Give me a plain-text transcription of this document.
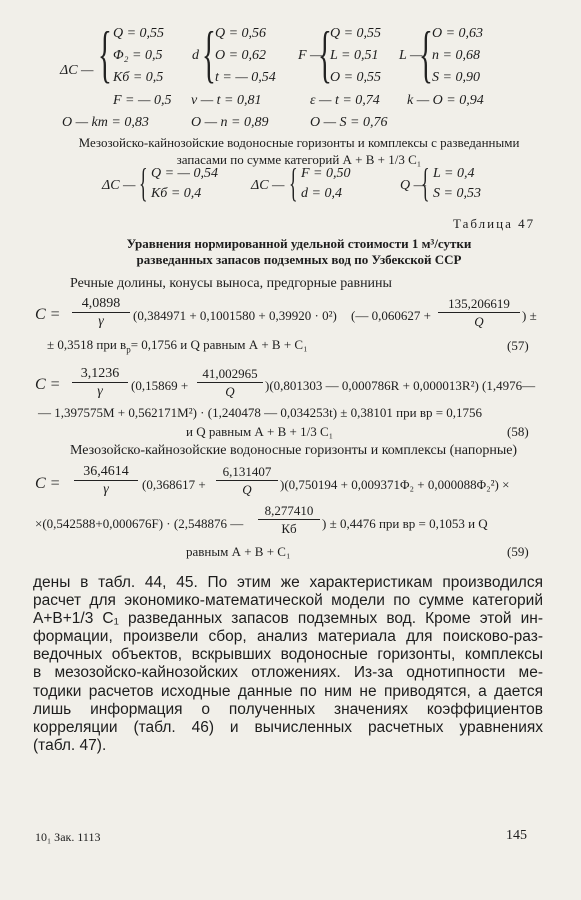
ΔC — { Q = 0,55
Φ₂ = 0,5
Кб = 0,5
F = — 0,5
d { Q = 0,56
O = 0,62
t = — 0,54
F —
{
Q = 0,55
L = 0,51
O = 0,55
L —
{ O = 0,63
n = 0,68
S = 0,90
v — t = 0,81	ε — t = 0,74 k — O = 0,94
O — km = 0,83	O — n = 0,89	O — S = 0,76
Мезозойско-кайнозойские водоносные горизонты и комплексы с разведанными
запасами по сумме категорий А + В + 1/3 С₁
ΔC — { Q = — 0,54
Кб = 0,4
ΔC — { F = 0,50
d = 0,4
Q —
{ L = 0,4
S = 0,53
Таблица 47
Уравнения нормированной удельной стоимости 1 м³/сутки
разведанных запасов подземных вод по Узбекской ССР
Речные долины, конусы выноса, предгорные равнины
$C = \frac{4,0898}{\gamma} (0,384971 + 0,1001580 + 0,39920 \cdot 0^2)$ (— $0,060627 + \frac{135,206619}{Q}$ ) ±
± 0,3518 при $в_р= 0,1756$ и Q равным А + В + С₁	(57)
$C = \frac{3,1236}{\gamma} (0,15869 + \frac{41,002965}{Q} )(0,801303$ — 0,000786R + 0,000013R²) (1,4976—
— 1,397575M + 0,562171M²) · (1,240478 — 0,034253t) ± 0,38101 при вр = 0,1756
и Q равным А + В + 1/3 С₁	(58)
Мезозойско-кайнозойские водоносные горизонты и комплексы (напорные)
$C = \frac{36,4614}{\gamma} (0,368617 + \frac{6,131407}{Q} )(0,750194 + 0,009371\Phi_2 + 0,000088\Phi_2^2)$ ×
×(0,542588+0,000676F) · (2,548876 —
8,277410
Кб	) ± 0,4476 при вр = 0,1053 и Q
равным А + В + С₁	(59)
дены в табл. 44, 45. По этим же характеристикам производился
расчет для экономико-математической модели по сумме категорий
А+В+1/3 С₁ разведанных запасов подземных вод. Кроме этой ин-
формации, произвели сбор, анализ материала для поисково-раз-
ведочных объектов, вскрывших водоносные горизонты, комплексы
в мезозойско-кайнозойских отложениях. Из-за однотипности ме-
тодики расчетов исходные данные по ним не приводятся, а дается
лишь информация о полученных значениях коэффициентов
корреляции (табл. 46) и вычисленных расчетных уравнениях
(табл. 47).
10₁ Зак. 1113	145
